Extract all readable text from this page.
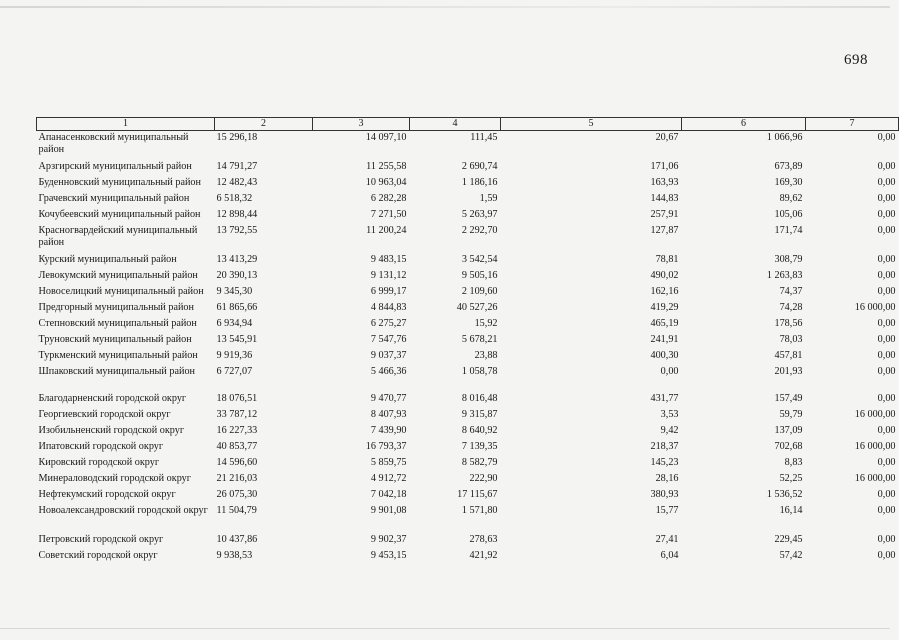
698
1	2	3	4	5	6	7
Апанасенковский муниципальный район	15 296,18	14 097,10	111,45	20,67	1 066,96	0,00
Арзгирский муниципальный район	14 791,27	11 255,58	2 690,74	171,06	673,89	0,00
Буденновский муниципальный район	12 482,43	10 963,04	1 186,16	163,93	169,30	0,00
Грачевский муниципальный район	6 518,32	6 282,28	1,59	144,83	89,62	0,00
Кочубеевский муниципальный район	12 898,44	7 271,50	5 263,97	257,91	105,06	0,00
Красногвардейский муниципальный район	13 792,55	11 200,24	2 292,70	127,87	171,74	0,00
Курский муниципальный район	13 413,29	9 483,15	3 542,54	78,81	308,79	0,00
Левокумский муниципальный район	20 390,13	9 131,12	9 505,16	490,02	1 263,83	0,00
Новоселицкий муниципальный район	9 345,30	6 999,17	2 109,60	162,16	74,37	0,00
Предгорный муниципальный район	61 865,66	4 844,83	40 527,26	419,29	74,28	16 000,00
Степновский муниципальный район	6 934,94	6 275,27	15,92	465,19	178,56	0,00
Труновский муниципальный район	13 545,91	7 547,76	5 678,21	241,91	78,03	0,00
Туркменский муниципальный район	9 919,36	9 037,37	23,88	400,30	457,81	0,00
Шпаковский муниципальный район	6 727,07	5 466,36	1 058,78	0,00	201,93	0,00

Благодарненский городской округ	18 076,51	9 470,77	8 016,48	431,77	157,49	0,00
Георгиевский городской округ	33 787,12	8 407,93	9 315,87	3,53	59,79	16 000,00
Изобильненский городской округ	16 227,33	7 439,90	8 640,92	9,42	137,09	0,00
Ипатовский городской округ	40 853,77	16 793,37	7 139,35	218,37	702,68	16 000,00
Кировский городской округ	14 596,60	5 859,75	8 582,79	145,23	8,83	0,00
Минераловодский городской округ	21 216,03	4 912,72	222,90	28,16	52,25	16 000,00
Нефтекумский городской округ	26 075,30	7 042,18	17 115,67	380,93	1 536,52	0,00
Новоалександровский городской округ	11 504,79	9 901,08	1 571,80	15,77	16,14	0,00
Петровский городской округ	10 437,86	9 902,37	278,63	27,41	229,45	0,00
Советский городской округ	9 938,53	9 453,15	421,92	6,04	57,42	0,00
